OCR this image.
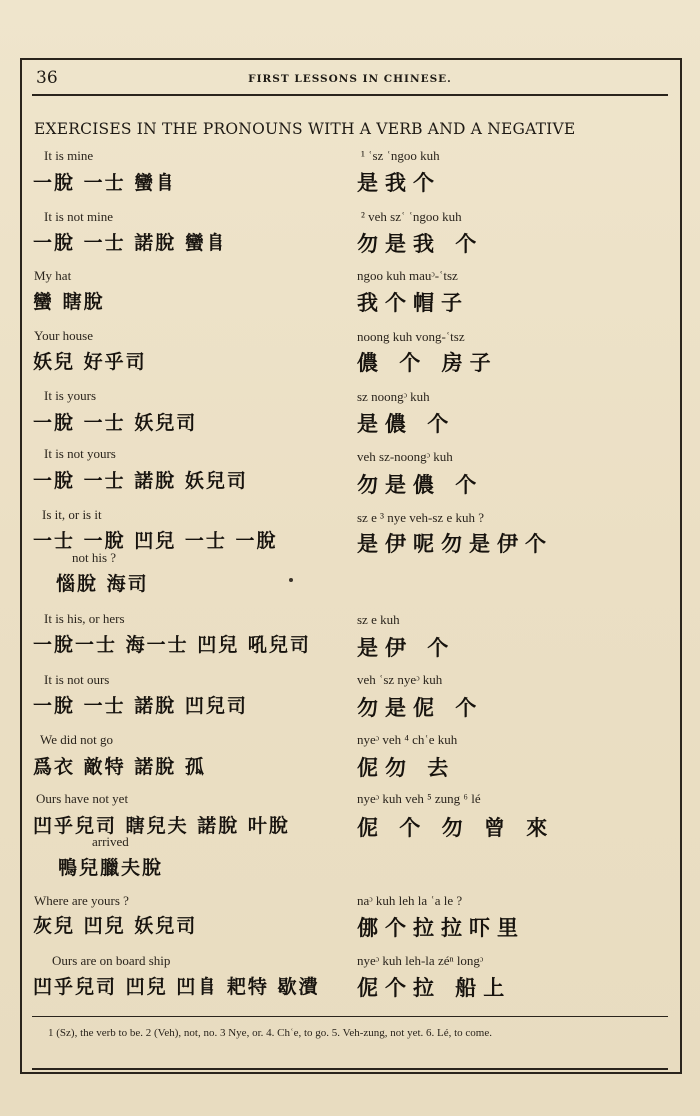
36	FIRST LESSONS IN CHINESE.
EXERCISES IN THE PRONOUNS WITH A VERB AND A NEGATIVE
It is mine
一脫 一士 蠻𨸏
¹ ʿsz ʿngoo kuh
是我个
It is not mine
一脫 一士 諾脫 蠻𨸏
² veh szʿ ʿngoo kuh
勿是我 个
My hat
蠻 瞎脫
ngoo kuh mauᵓ-ʿtsz
我个帽子
Your house
妖兒 好乎司
noong kuh vong-ʿtsz
儂 个 房子
It is yours
一脫 一士 妖兒司
sz noongᵓ kuh
是儂 个
It is not yours
一脫 一士 諾脫 妖兒司
veh sz-noongᵓ kuh
勿是儂 个
Is it, or is it
一士 一脫 凹兒 一士 一脫
sz e ³ nye veh-sz e kuh ?
是伊呢勿是伊个
not his ?
惱脫 海司
It is his, or hers
一脫一士 海一士 凹兒 吼兒司
sz e kuh
是伊 个
It is not ours
一脫 一士 諾脫 凹兒司
veh ʿsz nyeᵓ kuh
勿是伲 个
We did not go
爲衣 敵特 諾脫 孤
nyeᵓ veh ⁴ chʿe kuh
伲勿 去
Ours have not yet
凹乎兒司 瞎兒夫 諾脫 叶脫
nyeᵓ kuh veh ⁵ zung ⁶ lé
伲 个 勿 曾 來
arrived
鴨兒臘夫脫
Where are yours ?
灰兒 凹兒 妖兒司
naᵓ kuh leh la ʿa le ?
㑚个拉拉吓里
Ours are on board ship
凹乎兒司 凹兒 凹𨸏 耙特 歇㵒
nyeᵓ kuh leh-la zéⁿ longᵓ
伲个拉 船上
1 (Sz), the verb to be. 2 (Veh), not, no. 3 Nye, or. 4. Chʿe, to go. 5. Veh-zung, not yet. 6. Lé, to come.
